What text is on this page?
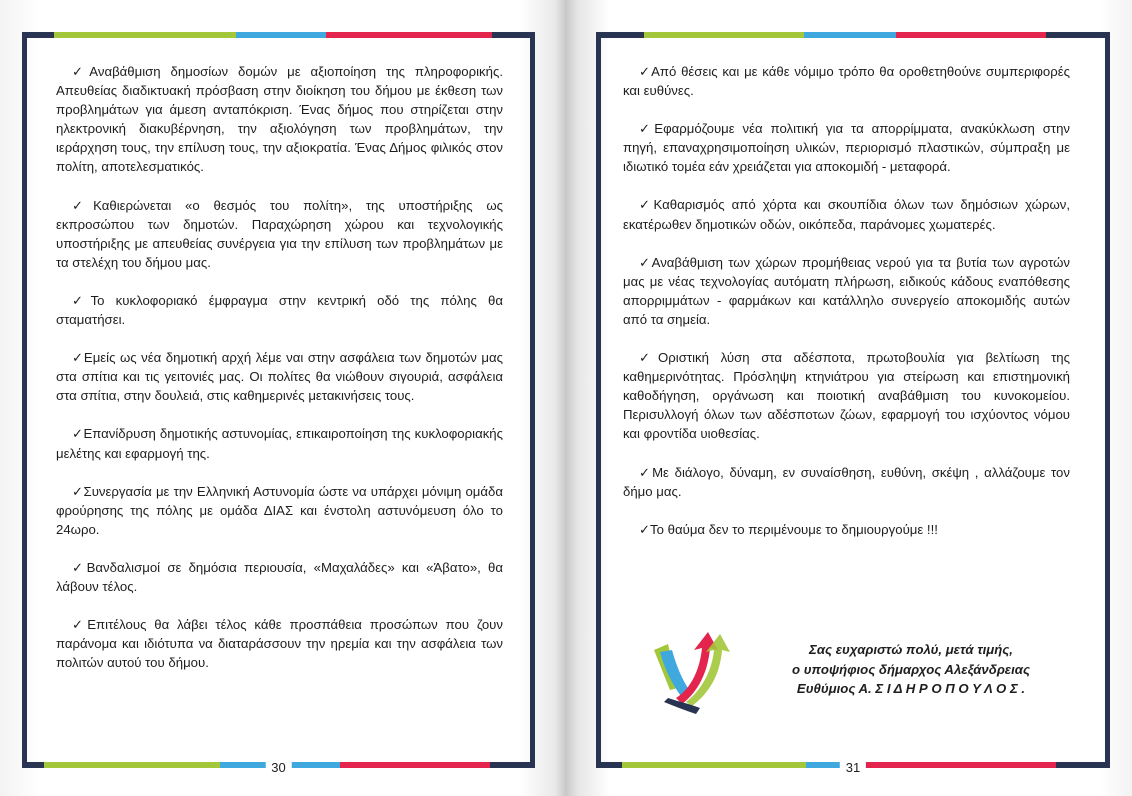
30

✓Αναβάθμιση δημοσίων δομών με αξιοποίηση της πληροφορικής. Απευθείας διαδικτυακή πρόσβαση στην διοίκηση του δήμου με έκθεση των προβλημάτων για άμεση ανταπόκριση. Ένας δήμος που στηρίζεται στην ηλεκτρονική διακυβέρνηση, την αξιολόγηση των προβλημάτων, την ιεράρχηση τους, την επίλυση τους, την αξιοκρατία. Ένας Δήμος φιλικός στον πολίτη, αποτελεσματικός.

✓Καθιερώνεται «ο θεσμός του πολίτη», της υποστήριξης ως εκπροσώπου των δημοτών. Παραχώρηση χώρου και τεχνολογικής υποστήριξης με απευθείας συνέργεια για την επίλυση των προβλημάτων με τα στελέχη του δήμου μας.

✓Το κυκλοφοριακό έμφραγμα στην κεντρική οδό της πόλης θα σταματήσει.

✓Εμείς ως νέα δημοτική αρχή λέμε ναι στην ασφάλεια των δημοτών μας στα σπίτια και τις γειτονιές μας. Οι πολίτες θα νιώθουν σιγουριά, ασφάλεια στα σπίτια, στην δουλειά, στις καθημερινές μετακινήσεις τους.

✓Επανίδρυση δημοτικής αστυνομίας, επικαιροποίηση της κυκλοφοριακής μελέτης και εφαρμογή της.

✓Συνεργασία με την Ελληνική Αστυνομία ώστε να υπάρχει μόνιμη ομάδα φρούρησης της πόλης με ομάδα ΔΙΑΣ και ένστολη αστυνόμευση όλο το 24ωρο.

✓Βανδαλισμοί σε δημόσια περιουσία, «Μαχαλάδες» και «Άβατο», θα λάβουν τέλος.

✓Επιτέλους θα λάβει τέλος κάθε προσπάθεια προσώπων που ζουν παράνομα και ιδιότυπα να διαταράσσουν την ηρεμία και την ασφάλεια των πολιτών αυτού του δήμου.

31

✓Από θέσεις και με κάθε νόμιμο τρόπο θα οροθετηθούνε συμπεριφορές και ευθύνες.

✓Εφαρμόζουμε νέα πολιτική για τα απορρίμματα, ανακύκλωση στην πηγή, επαναχρησιμοποίηση υλικών, περιορισμό πλαστικών, σύμπραξη με ιδιωτικό τομέα εάν χρειάζεται για αποκομιδή - μεταφορά.

✓Καθαρισμός από χόρτα και σκουπίδια όλων των δημόσιων χώρων, εκατέρωθεν δημοτικών οδών, οικόπεδα, παράνομες χωματερές.

✓Αναβάθμιση των χώρων προμήθειας νερού για τα βυτία των αγροτών μας με νέας τεχνολογίας αυτόματη πλήρωση, ειδικούς κάδους εναπόθεσης απορριμμάτων - φαρμάκων και κατάλληλο συνεργείο αποκομιδής αυτών από τα σημεία.

✓Οριστική λύση στα αδέσποτα, πρωτοβουλία για βελτίωση της καθημερινότητας. Πρόσληψη κτηνιάτρου για στείρωση και επιστημονική καθοδήγηση, οργάνωση και ποιοτική αναβάθμιση του κυνοκομείου. Περισυλλογή όλων των αδέσποτων ζώων, εφαρμογή του ισχύοντος νόμου και φροντίδα υιοθεσίας.

✓Με διάλογο, δύναμη, εν συναίσθηση, ευθύνη, σκέψη , αλλάζουμε τον δήμο μας.

✓Το θαύμα δεν το περιμένουμε το δημιουργούμε !!!

Σας ευχαριστώ πολύ, μετά τιμής,
ο υποψήφιος δήμαρχος Αλεξάνδρειας
Ευθύμιος Α. Σ Ι Δ Η Ρ Ο Π Ο Υ Λ Ο Σ .
